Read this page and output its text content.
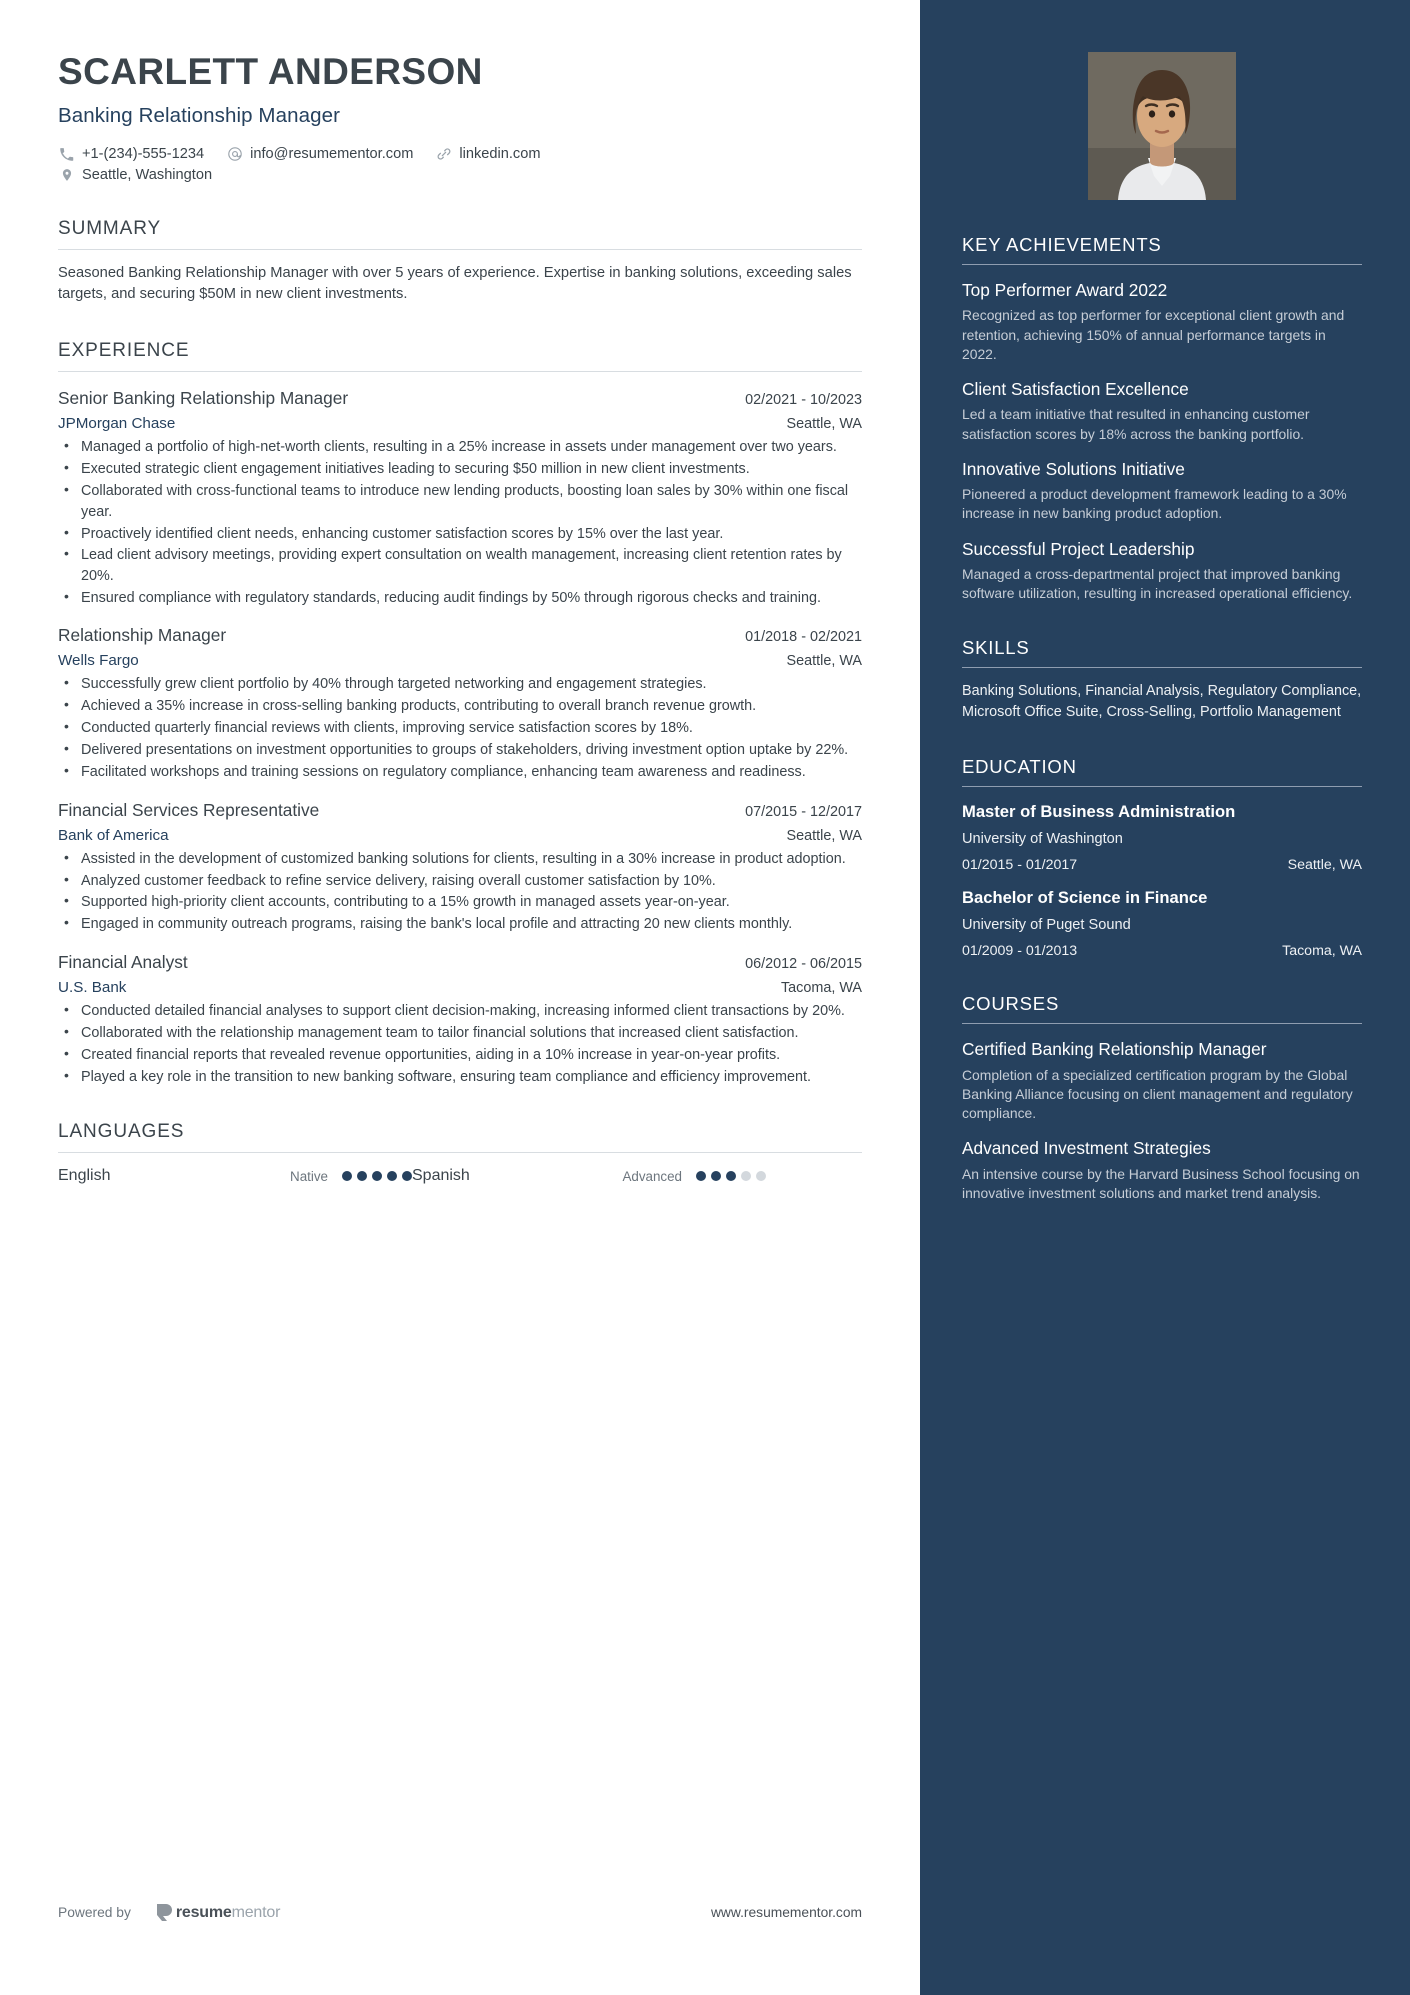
SCARLETT ANDERSON
Banking Relationship Manager
+1-(234)-555-1234	info@resumementor.com	linkedin.com
Seattle, Washington
SUMMARY

Seasoned Banking Relationship Manager with over 5 years of experience. Expertise in banking solutions, exceeding sales targets, and securing $50M in new client investments.

EXPERIENCE
Senior Banking Relationship Manager	02/2021 - 10/2023
JPMorgan Chase	Seattle, WA
• Managed a portfolio of high-net-worth clients, resulting in a 25% increase in assets under management over two years.
• Executed strategic client engagement initiatives leading to securing $50 million in new client investments.
• Collaborated with cross-functional teams to introduce new lending products, boosting loan sales by 30% within one fiscal year.
• Proactively identified client needs, enhancing customer satisfaction scores by 15% over the last year.
• Lead client advisory meetings, providing expert consultation on wealth management, increasing client retention rates by 20%.
• Ensured compliance with regulatory standards, reducing audit findings by 50% through rigorous checks and training.
Relationship Manager	01/2018 - 02/2021
Wells Fargo	Seattle, WA
• Successfully grew client portfolio by 40% through targeted networking and engagement strategies.
• Achieved a 35% increase in cross-selling banking products, contributing to overall branch revenue growth.
• Conducted quarterly financial reviews with clients, improving service satisfaction scores by 18%.
• Delivered presentations on investment opportunities to groups of stakeholders, driving investment option uptake by 22%.
• Facilitated workshops and training sessions on regulatory compliance, enhancing team awareness and readiness.
Financial Services Representative	07/2015 - 12/2017
Bank of America	Seattle, WA
• Assisted in the development of customized banking solutions for clients, resulting in a 30% increase in product adoption.
• Analyzed customer feedback to refine service delivery, raising overall customer satisfaction by 10%.
• Supported high-priority client accounts, contributing to a 15% growth in managed assets year-on-year.
• Engaged in community outreach programs, raising the bank's local profile and attracting 20 new clients monthly.
Financial Analyst	06/2012 - 06/2015
U.S. Bank	Tacoma, WA
• Conducted detailed financial analyses to support client decision-making, increasing informed client transactions by 20%.
• Collaborated with the relationship management team to tailor financial solutions that increased client satisfaction.
• Created financial reports that revealed revenue opportunities, aiding in a 10% increase in year-on-year profits.
• Played a key role in the transition to new banking software, ensuring team compliance and efficiency improvement.
LANGUAGES
English	Native	Spanish	Advanced
Powered by	resumementor	www.resumementor.com
KEY ACHIEVEMENTS
Top Performer Award 2022
Recognized as top performer for exceptional client growth and retention, achieving 150% of annual performance targets in 2022.
Client Satisfaction Excellence
Led a team initiative that resulted in enhancing customer satisfaction scores by 18% across the banking portfolio.
Innovative Solutions Initiative
Pioneered a product development framework leading to a 30% increase in new banking product adoption.
Successful Project Leadership
Managed a cross-departmental project that improved banking software utilization, resulting in increased operational efficiency.
SKILLS

Banking Solutions, Financial Analysis, Regulatory Compliance, Microsoft Office Suite, Cross-Selling, Portfolio Management

EDUCATION
Master of Business Administration
University of Washington
01/2015 - 01/2017	Seattle, WA
Bachelor of Science in Finance
University of Puget Sound
01/2009 - 01/2013	Tacoma, WA
COURSES
Certified Banking Relationship Manager
Completion of a specialized certification program by the Global Banking Alliance focusing on client management and regulatory compliance.
Advanced Investment Strategies
An intensive course by the Harvard Business School focusing on innovative investment solutions and market trend analysis.
